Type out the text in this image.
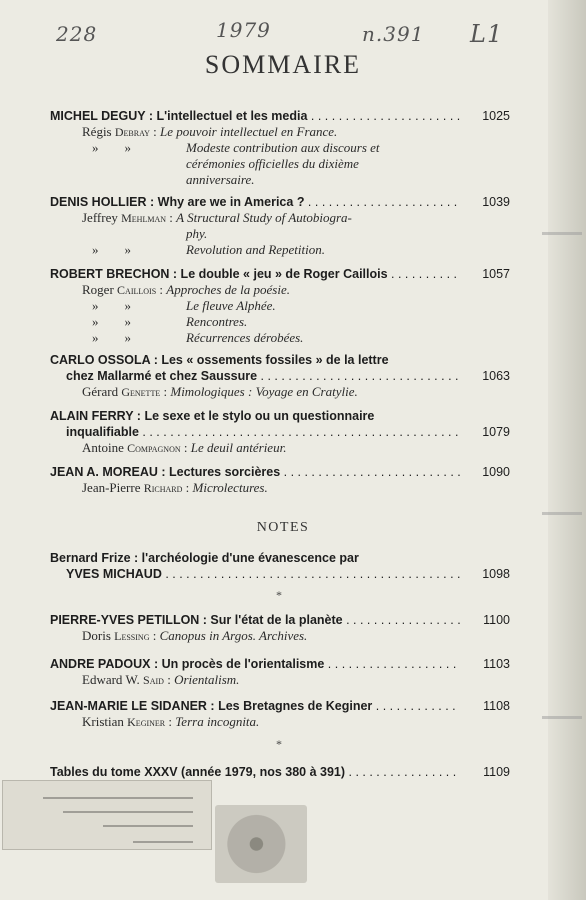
228	1979	n.391 L1
SOMMAIRE
MICHEL DEGUY : L'intellectuel et les media . . .	1025
Régis Debray : Le pouvoir intellectuel en France.
»  »	Modeste contribution aux discours et
cérémonies officielles du dixième
anniversaire.
DENIS HOLLIER : Why are we in America ? . . .	1039
Jeffrey Mehlman : A Structural Study of Autobiogra-
phy.
»  »	Revolution and Repetition.
ROBERT BRECHON : Le double « jeu » de Roger Caillois . . .	1057
Roger Caillois : Approches de la poésie.
»  »	Le fleuve Alphée.
»  »	Rencontres.
»  »	Récurrences dérobées.
CARLO OSSOLA : Les « ossements fossiles » de la lettre
chez Mallarmé et chez Saussure . . .	1063
Gérard Genette : Mimologiques : Voyage en Cratylie.
ALAIN FERRY : Le sexe et le stylo ou un questionnaire
inqualifiable . . .	1079
Antoine Compagnon : Le deuil antérieur.
JEAN A. MOREAU : Lectures sorcières . . .	1090
Jean-Pierre Richard : Microlectures.
NOTES
Bernard Frize : l'archéologie d'une évanescence par
YVES MICHAUD . . .	1098
PIERRE-YVES PETILLON : Sur l'état de la planète . . .	1100
Doris Lessing : Canopus in Argos. Archives.
ANDRE PADOUX : Un procès de l'orientalisme . . .	1103
Edward W. Said : Orientalism.
JEAN-MARIE LE SIDANER : Les Bretagnes de Keginer . . .	1108
Kristian Keginer : Terra incognita.
*
*
Tables du tome XXXV (année 1979, nos 380 à 391) . . .	1109
